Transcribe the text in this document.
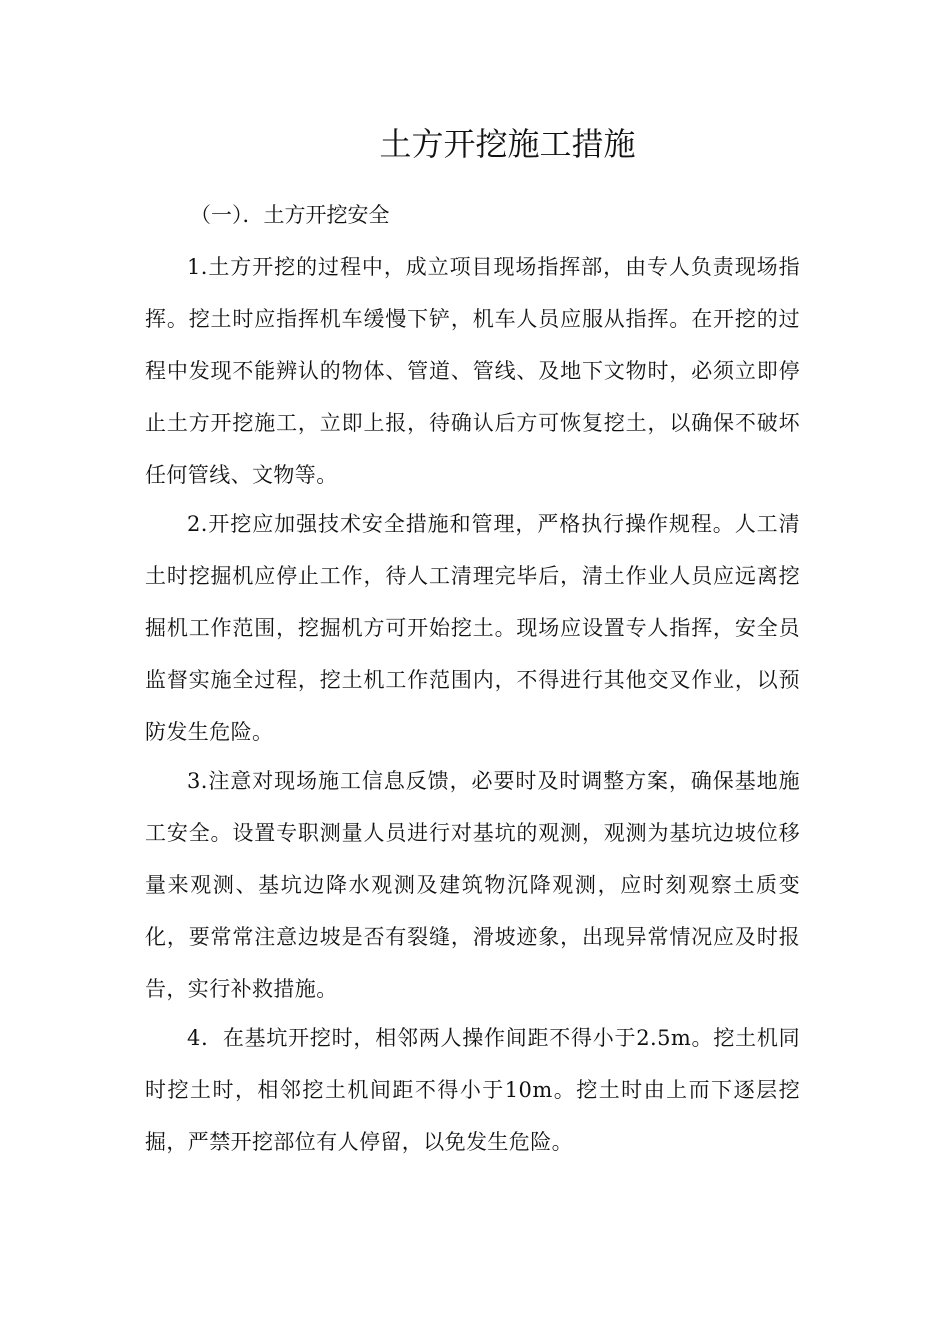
土方开挖施工措施

（一）．土方开挖安全

1.土方开挖的过程中，成立项目现场指挥部，由专人负责现场指挥。挖土时应指挥机车缓慢下铲，机车人员应服从指挥。在开挖的过程中发现不能辨认的物体、管道、管线、及地下文物时，必须立即停止土方开挖施工，立即上报，待确认后方可恢复挖土，以确保不破坏任何管线、文物等。

2.开挖应加强技术安全措施和管理，严格执行操作规程。人工清土时挖掘机应停止工作，待人工清理完毕后，清土作业人员应远离挖掘机工作范围，挖掘机方可开始挖土。现场应设置专人指挥，安全员监督实施全过程，挖土机工作范围内，不得进行其他交叉作业，以预防发生危险。

3.注意对现场施工信息反馈，必要时及时调整方案，确保基地施工安全。设置专职测量人员进行对基坑的观测，观测为基坑边坡位移量来观测、基坑边降水观测及建筑物沉降观测，应时刻观察土质变化，要常常注意边坡是否有裂缝，滑坡迹象，出现异常情况应及时报告，实行补救措施。

4．在基坑开挖时，相邻两人操作间距不得小于2.5m。挖土机同时挖土时，相邻挖土机间距不得小于10m。挖土时由上而下逐层挖掘，严禁开挖部位有人停留，以免发生危险。
